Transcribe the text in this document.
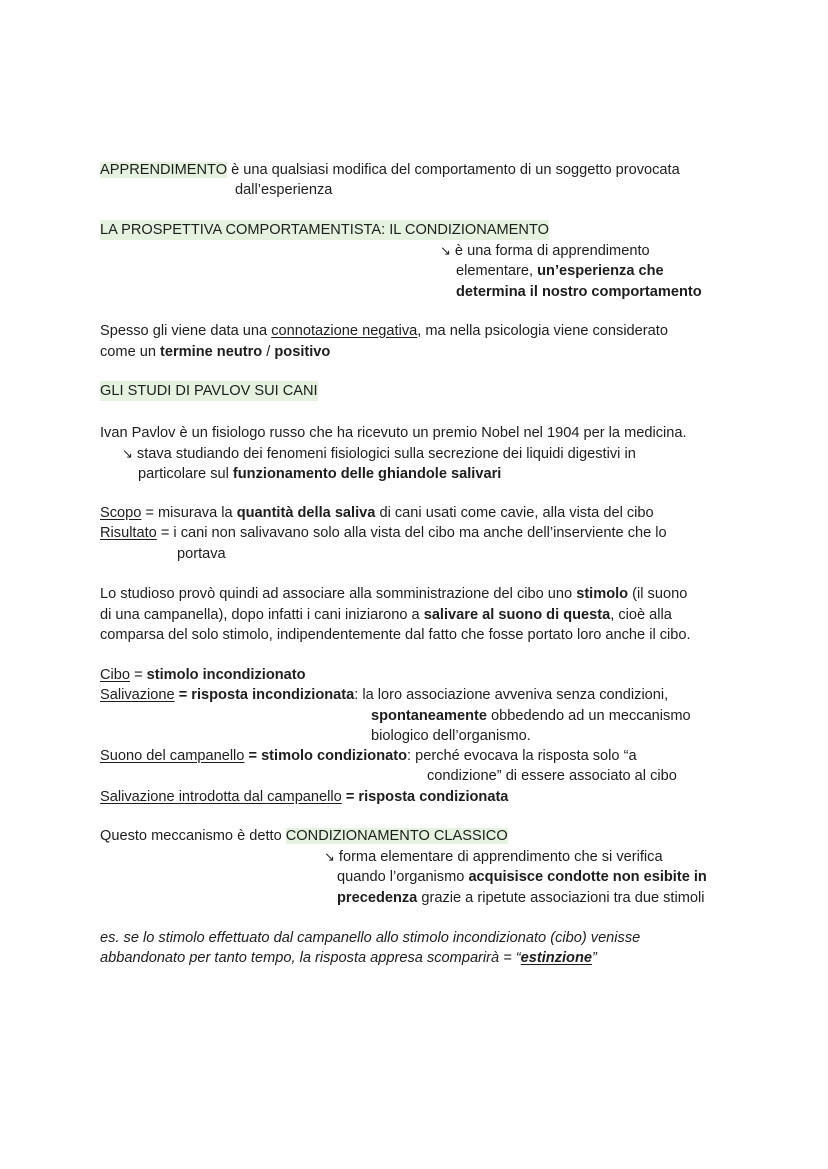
APPRENDIMENTO è una qualsiasi modifica del comportamento di un soggetto provocata
dall’esperienza
LA PROSPETTIVA COMPORTAMENTISTA: IL CONDIZIONAMENTO
↘ è una forma di apprendimento
elementare, un’esperienza che
determina il nostro comportamento
Spesso gli viene data una connotazione negativa, ma nella psicologia viene considerato
come un termine neutro / positivo
GLI STUDI DI PAVLOV SUI CANI
Ivan Pavlov è un fisiologo russo che ha ricevuto un premio Nobel nel 1904 per la medicina.
↘ stava studiando dei fenomeni fisiologici sulla secrezione dei liquidi digestivi in
particolare sul funzionamento delle ghiandole salivari
Scopo = misurava la quantità della saliva di cani usati come cavie, alla vista del cibo
Risultato = i cani non salivavano solo alla vista del cibo ma anche dell’inserviente che lo
portava
Lo studioso provò quindi ad associare alla somministrazione del cibo uno stimolo (il suono
di una campanella), dopo infatti i cani iniziarono a salivare al suono di questa, cioè alla
comparsa del solo stimolo, indipendentemente dal fatto che fosse portato loro anche il cibo.
Cibo = stimolo incondizionato
Salivazione = risposta incondizionata: la loro associazione avveniva senza condizioni,
spontaneamente obbedendo ad un meccanismo
biologico dell’organismo.
Suono del campanello = stimolo condizionato: perché evocava la risposta solo “a
condizione” di essere associato al cibo
Salivazione introdotta dal campanello = risposta condizionata
Questo meccanismo è detto CONDIZIONAMENTO CLASSICO
↘ forma elementare di apprendimento che si verifica
quando l’organismo acquisisce condotte non esibite in
precedenza grazie a ripetute associazioni tra due stimoli
es. se lo stimolo effettuato dal campanello allo stimolo incondizionato (cibo) venisse
abbandonato per tanto tempo, la risposta appresa scomparirà = “estinzione”
